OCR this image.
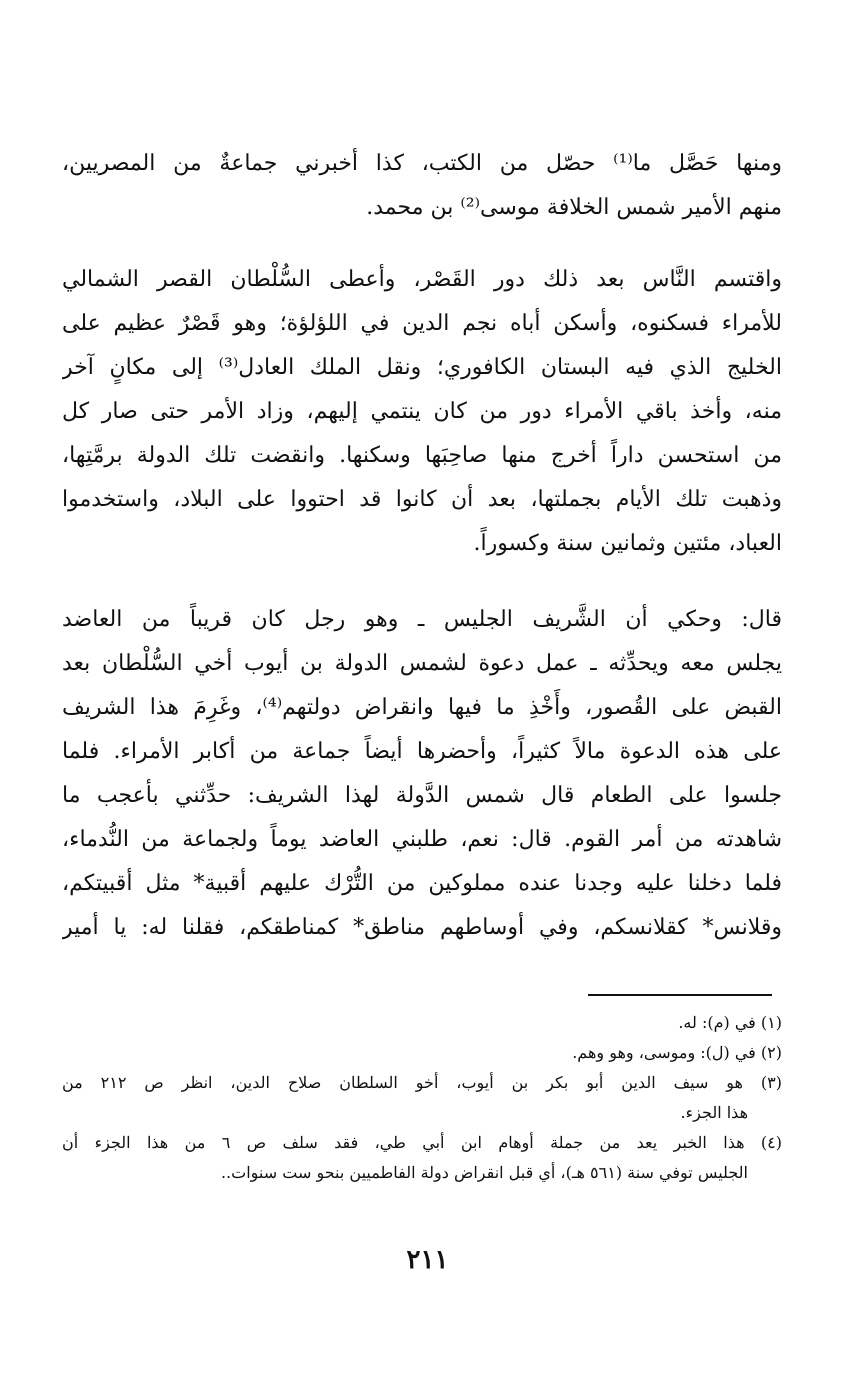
ومنها حَصَّل ما⁽¹⁾ حصّل من الكتب، كذا أخبرني جماعةٌ من المصريين،
منهم الأمير شمس الخلافة موسى⁽²⁾ بن محمد.
واقتسم النَّاس بعد ذلك دور القَصْر، وأعطى السُّلْطان القصر الشمالي
للأمراء فسكنوه، وأسكن أباه نجم الدين في اللؤلؤة؛ وهو قَصْرٌ عظيم على
الخليج الذي فيه البستان الكافوري؛ ونقل الملك العادل⁽³⁾ إلى مكانٍ آخر
منه، وأخذ باقي الأمراء دور من كان ينتمي إليهم، وزاد الأمر حتى صار كل
من استحسن داراً أخرج منها صاحِبَها وسكنها. وانقضت تلك الدولة برمَّتِها،
وذهبت تلك الأيام بجملتها، بعد أن كانوا قد احتووا على البلاد، واستخدموا
العباد، مئتين وثمانين سنة وكسوراً.
قال: وحكي أن الشَّريف الجليس ـ وهو رجل كان قريباً من العاضد
يجلس معه ويحدِّثه ـ عمل دعوة لشمس الدولة بن أيوب أخي السُّلْطان بعد
القبض على القُصور، وأَخْذِ ما فيها وانقراض دولتهم⁽⁴⁾، وغَرِمَ هذا الشريف
على هذه الدعوة مالاً كثيراً، وأحضرها أيضاً جماعة من أكابر الأمراء. فلما
جلسوا على الطعام قال شمس الدَّولة لهذا الشريف: حدِّثني بأعجب ما
شاهدته من أمر القوم. قال: نعم، طلبني العاضد يوماً ولجماعة من النُّدماء،
فلما دخلنا عليه وجدنا عنده مملوكين من التُّرْك عليهم أقبية* مثل أقبيتكم،
وقلانس* كقلانسكم، وفي أوساطهم مناطق* كمناطقكم، فقلنا له: يا أمير
(١) في (م): له.
(٢) في (ل): وموسى، وهو وهم.
(٣) هو سيف الدين أبو بكر بن أيوب، أخو السلطان صلاح الدين، انظر ص ٢١٢ من
هذا الجزء.
(٤) هذا الخبر يعد من جملة أوهام ابن أبي طي، فقد سلف ص ٦ من هذا الجزء أن
الجليس توفي سنة (٥٦١ هـ)، أي قبل انقراض دولة الفاطميين بنحو ست سنوات..
٢١١
